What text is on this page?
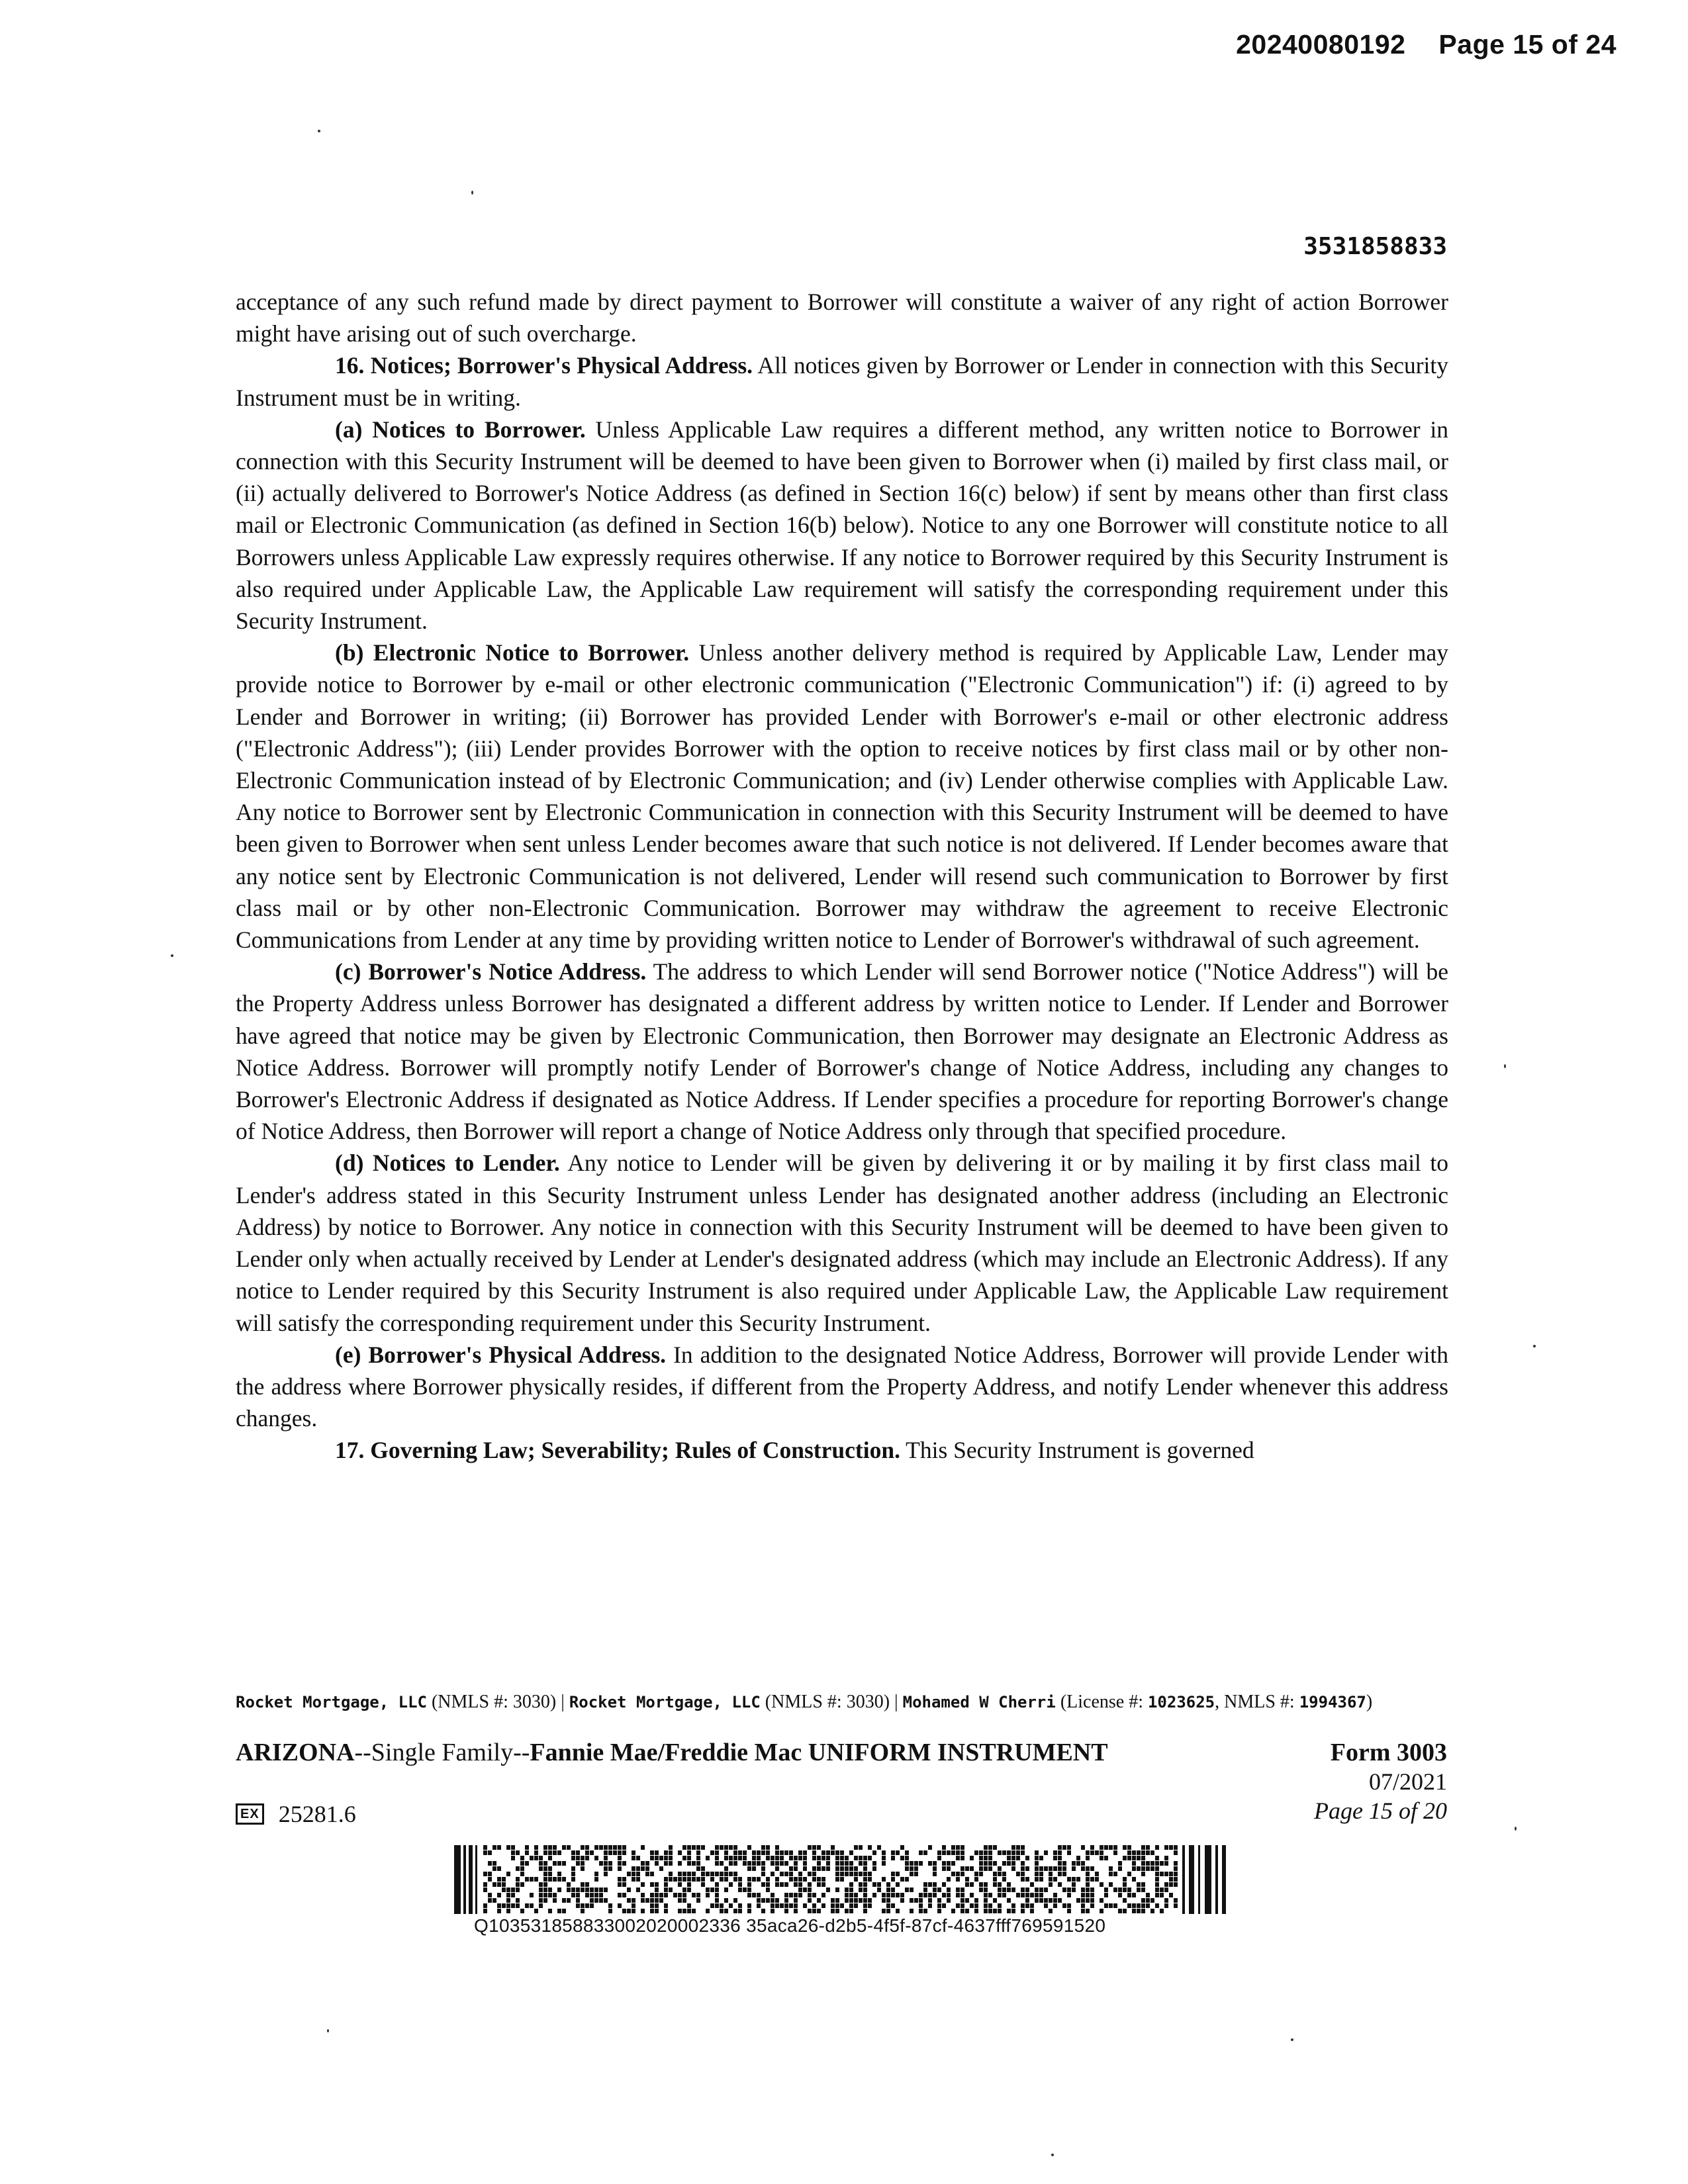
20240080192 Page 15 of 24
3531858833

acceptance of any such refund made by direct payment to Borrower will constitute a waiver of any right of action Borrower might have arising out of such overcharge.

16. Notices; Borrower's Physical Address. All notices given by Borrower or Lender in connection with this Security Instrument must be in writing.

(a) Notices to Borrower. Unless Applicable Law requires a different method, any written notice to Borrower in connection with this Security Instrument will be deemed to have been given to Borrower when (i) mailed by first class mail, or (ii) actually delivered to Borrower's Notice Address (as defined in Section 16(c) below) if sent by means other than first class mail or Electronic Communication (as defined in Section 16(b) below). Notice to any one Borrower will constitute notice to all Borrowers unless Applicable Law expressly requires otherwise. If any notice to Borrower required by this Security Instrument is also required under Applicable Law, the Applicable Law requirement will satisfy the corresponding requirement under this Security Instrument.

(b) Electronic Notice to Borrower. Unless another delivery method is required by Applicable Law, Lender may provide notice to Borrower by e-mail or other electronic communication ("Electronic Communication") if: (i) agreed to by Lender and Borrower in writing; (ii) Borrower has provided Lender with Borrower's e-mail or other electronic address ("Electronic Address"); (iii) Lender provides Borrower with the option to receive notices by first class mail or by other non-Electronic Communication instead of by Electronic Communication; and (iv) Lender otherwise complies with Applicable Law. Any notice to Borrower sent by Electronic Communication in connection with this Security Instrument will be deemed to have been given to Borrower when sent unless Lender becomes aware that such notice is not delivered. If Lender becomes aware that any notice sent by Electronic Communication is not delivered, Lender will resend such communication to Borrower by first class mail or by other non-Electronic Communication. Borrower may withdraw the agreement to receive Electronic Communications from Lender at any time by providing written notice to Lender of Borrower's withdrawal of such agreement.

(c) Borrower's Notice Address. The address to which Lender will send Borrower notice ("Notice Address") will be the Property Address unless Borrower has designated a different address by written notice to Lender. If Lender and Borrower have agreed that notice may be given by Electronic Communication, then Borrower may designate an Electronic Address as Notice Address. Borrower will promptly notify Lender of Borrower's change of Notice Address, including any changes to Borrower's Electronic Address if designated as Notice Address. If Lender specifies a procedure for reporting Borrower's change of Notice Address, then Borrower will report a change of Notice Address only through that specified procedure.

(d) Notices to Lender. Any notice to Lender will be given by delivering it or by mailing it by first class mail to Lender's address stated in this Security Instrument unless Lender has designated another address (including an Electronic Address) by notice to Borrower. Any notice in connection with this Security Instrument will be deemed to have been given to Lender only when actually received by Lender at Lender's designated address (which may include an Electronic Address). If any notice to Lender required by this Security Instrument is also required under Applicable Law, the Applicable Law requirement will satisfy the corresponding requirement under this Security Instrument.

(e) Borrower's Physical Address. In addition to the designated Notice Address, Borrower will provide Lender with the address where Borrower physically resides, if different from the Property Address, and notify Lender whenever this address changes.

17. Governing Law; Severability; Rules of Construction. This Security Instrument is governed

Rocket Mortgage, LLC (NMLS #: 3030) | Rocket Mortgage, LLC (NMLS #: 3030) | Mohamed W Cherri (License #: 1023625, NMLS #: 1994367)
ARIZONA--Single Family--Fannie Mae/Freddie Mac UNIFORM INSTRUMENT	Form 3003
07/2021
Page 15 of 20
EX 25281.6
Q103531858833002020002336 35aca26-d2b5-4f5f-87cf-4637fff769591520
